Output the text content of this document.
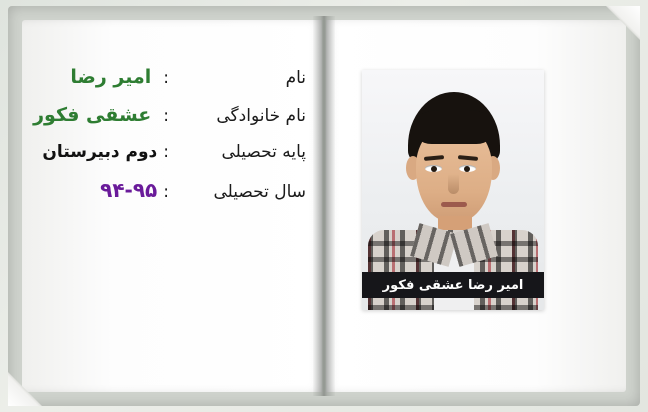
نام
:
امیر رضا
نام خانوادگی
:
عشقی فکور
پایه تحصیلی
:
دوم دبیرستان
سال تحصیلی
:
۹۴-۹۵
امیر رضا عشقی فکور
